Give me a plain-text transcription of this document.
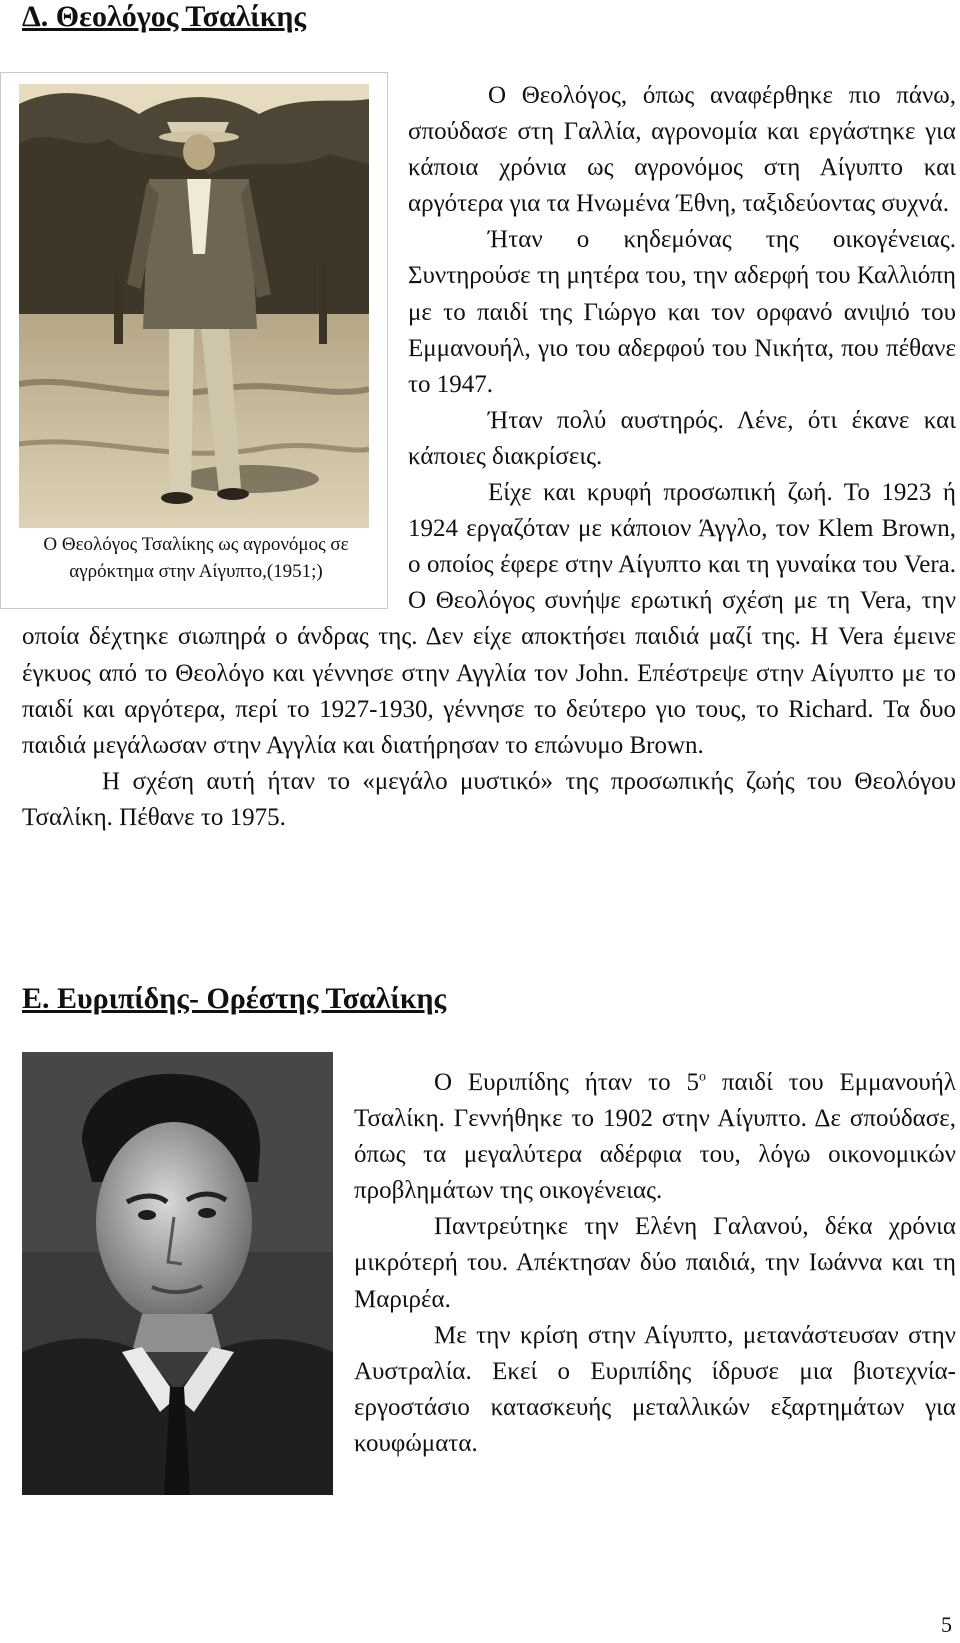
Δ. Θεολόγος Τσαλίκης
Ο Θεολόγος Τσαλίκης ως αγρονόμος σε αγρόκτημα στην Αίγυπτο,(1951;)

Ο Θεολόγος, όπως αναφέρθηκε πιο πάνω, σπούδασε στη Γαλλία, αγρονομία και εργάστηκε για κάποια χρόνια ως αγρονόμος στη Αίγυπτο και αργότερα για τα Ηνωμένα Έθνη, ταξιδεύοντας συχνά.

Ήταν ο κηδεμόνας της οικογένειας. Συντηρούσε τη μητέρα του, την αδερφή του Καλλιόπη με το παιδί της Γιώργο και τον ορφανό ανιψιό του Εμμανουήλ, γιο του αδερφού του Νικήτα, που πέθανε το 1947.

Ήταν πολύ αυστηρός. Λένε, ότι έκανε και κάποιες διακρίσεις.

Είχε και κρυφή προσωπική ζωή. Το 1923 ή 1924 εργαζόταν με κάποιον Άγγλο, τον Klem Brown, ο οποίος έφερε στην Αίγυπτο και τη γυναίκα του Vera. Ο Θεολόγος συνήψε ερωτική σχέση με τη Vera, την οποία δέχτηκε σιωπηρά ο άνδρας της. Δεν είχε αποκτήσει παιδιά μαζί της. Η Vera έμεινε έγκυος από το Θεολόγο και γέννησε στην Αγγλία τον John. Επέστρεψε στην Αίγυπτο με το παιδί και αργότερα, περί το 1927-1930, γέννησε το δεύτερο γιο τους, το Richard. Τα δυο παιδιά μεγάλωσαν στην Αγγλία και διατήρησαν το επώνυμο Brown.

Η σχέση αυτή ήταν το «μεγάλο μυστικό» της προσωπικής ζωής του Θεολόγου Τσαλίκη. Πέθανε το 1975.

Ε. Ευριπίδης- Ορέστης Τσαλίκης

Ο Ευριπίδης ήταν το $5^o$ παιδί του Εμμανουήλ Τσαλίκη. Γεννήθηκε το 1902 στην Αίγυπτο. Δε σπούδασε, όπως τα μεγαλύτερα αδέρφια του, λόγω οικονομικών προβλημάτων της οικογένειας.

Παντρεύτηκε την Ελένη Γαλανού, δέκα χρόνια μικρότερή του. Απέκτησαν δύο παιδιά, την Ιωάννα και τη Μαριρέα.

Με την κρίση στην Αίγυπτο, μετανάστευσαν στην Αυστραλία. Εκεί ο Ευριπίδης ίδρυσε μια βιοτεχνία-εργοστάσιο κατασκευής μεταλλικών εξαρτημάτων για κουφώματα.

5
